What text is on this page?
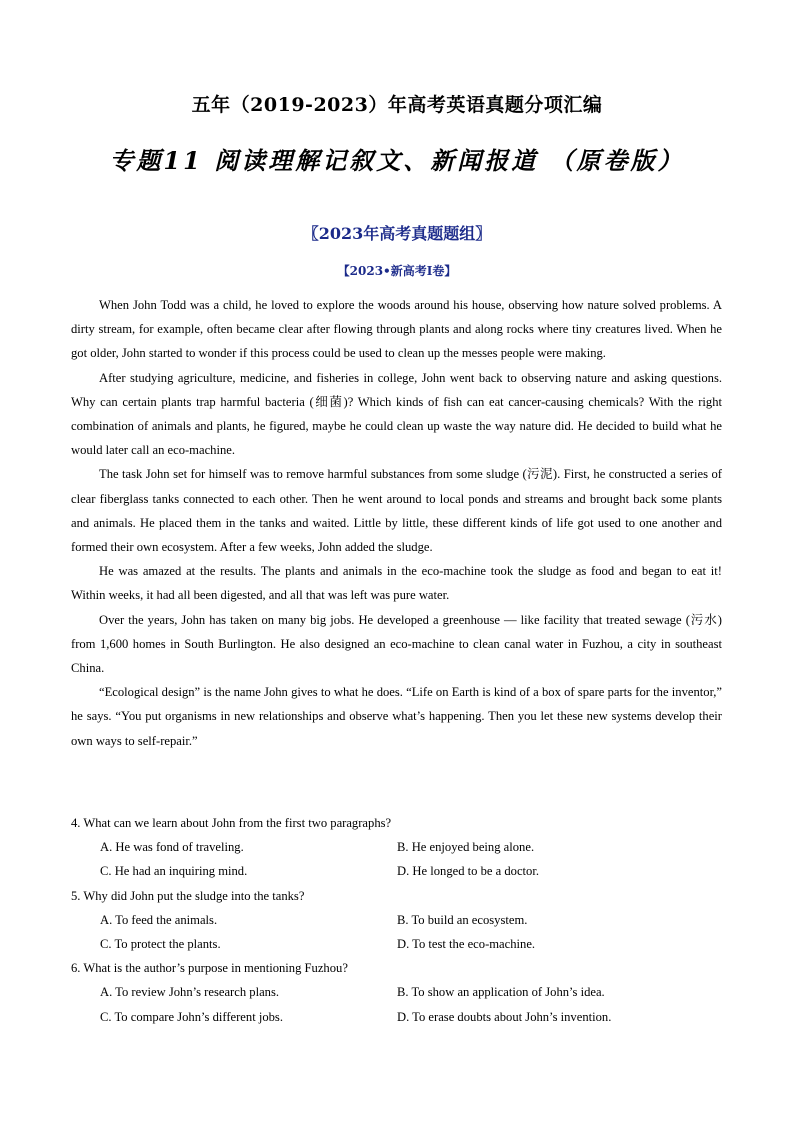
五年（2019-2023）年高考英语真题分项汇编
专题11 阅读理解记叙文、新闻报道 （原卷版）
〖2023年高考真题题组〗
【2023•新高考I卷】

When John Todd was a child, he loved to explore the woods around his house, observing how nature solved problems. A dirty stream, for example, often became clear after flowing through plants and along rocks where tiny creatures lived. When he got older, John started to wonder if this process could be used to clean up the messes people were making.

After studying agriculture, medicine, and fisheries in college, John went back to observing nature and asking questions. Why can certain plants trap harmful bacteria (细菌)? Which kinds of fish can eat cancer-causing chemicals? With the right combination of animals and plants, he figured, maybe he could clean up waste the way nature did. He decided to build what he would later call an eco-machine.

The task John set for himself was to remove harmful substances from some sludge (污泥). First, he constructed a series of clear fiberglass tanks connected to each other. Then he went around to local ponds and streams and brought back some plants and animals. He placed them in the tanks and waited. Little by little, these different kinds of life got used to one another and formed their own ecosystem. After a few weeks, John added the sludge.

He was amazed at the results. The plants and animals in the eco-machine took the sludge as food and began to eat it! Within weeks, it had all been digested, and all that was left was pure water.

Over the years, John has taken on many big jobs. He developed a greenhouse — like facility that treated sewage (污水) from 1,600 homes in South Burlington. He also designed an eco-machine to clean canal water in Fuzhou, a city in southeast China.

“Ecological design” is the name John gives to what he does. “Life on Earth is kind of a box of spare parts for the inventor,” he says. “You put organisms in new relationships and observe what’s happening. Then you let these new systems develop their own ways to self-repair.”

4. What can we learn about John from the first two paragraphs?

A. He was fond of traveling.	B. He enjoyed being alone.
C. He had an inquiring mind.	D. He longed to be a doctor.

5. Why did John put the sludge into the tanks?

A. To feed the animals.	B. To build an ecosystem.
C. To protect the plants.	D. To test the eco-machine.

6. What is the author’s purpose in mentioning Fuzhou?

A. To review John’s research plans.	B. To show an application of John’s idea.
C. To compare John’s different jobs.	D. To erase doubts about John’s invention.
